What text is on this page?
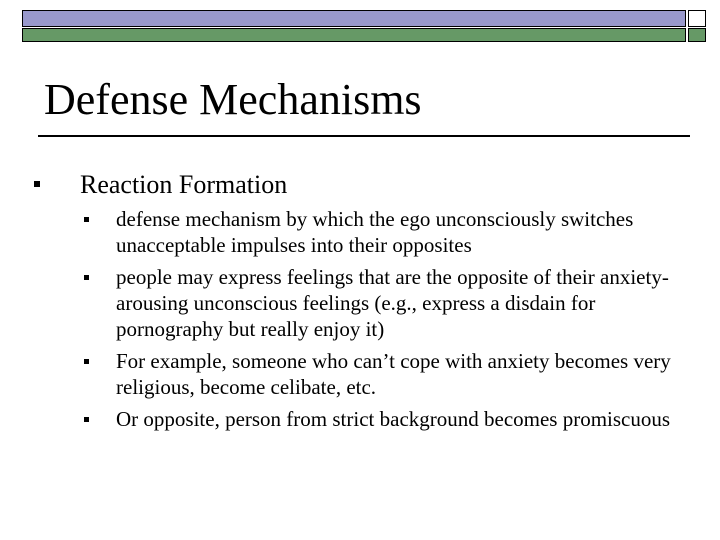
Defense Mechanisms
Reaction Formation
defense mechanism by which the ego unconsciously switches unacceptable impulses into their opposites
people may express feelings that are the opposite of their anxiety-arousing unconscious feelings (e.g., express a disdain for pornography but really enjoy it)
For example, someone who can’t cope with anxiety becomes very religious, become celibate, etc.
Or opposite, person from strict background becomes promiscuous
